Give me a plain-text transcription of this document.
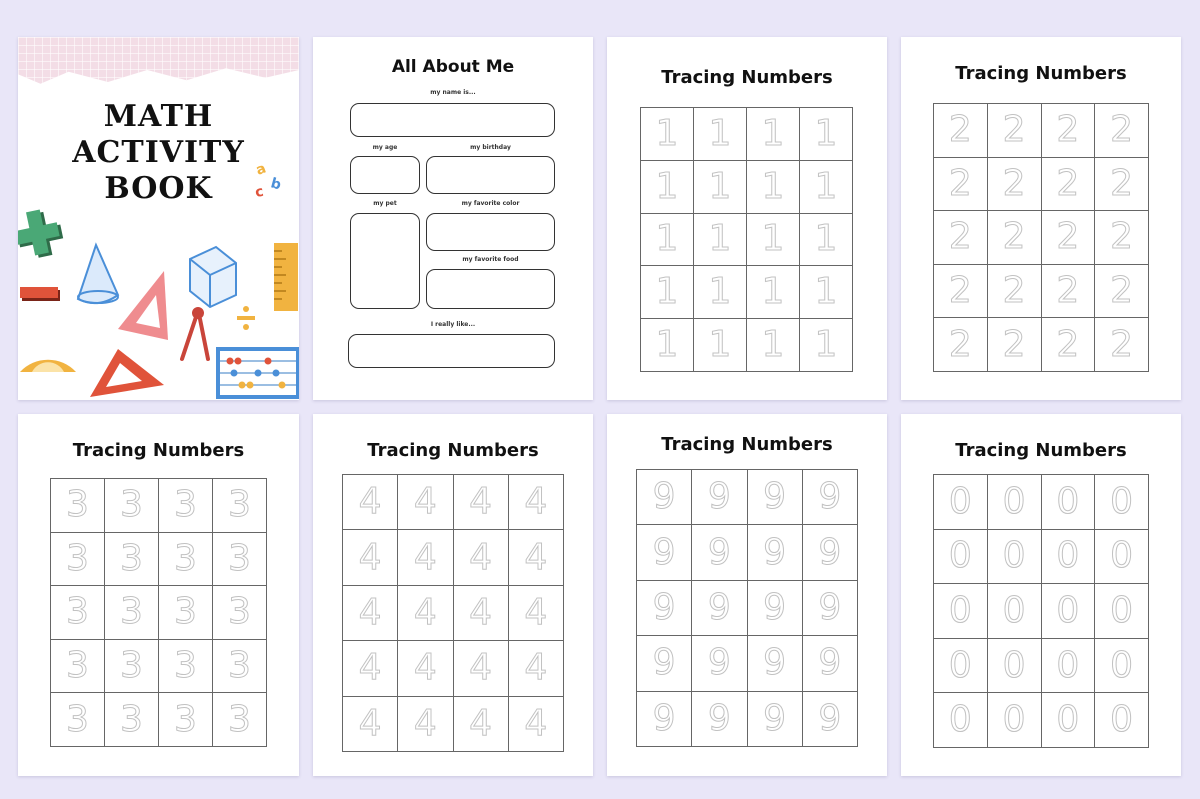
MATH
ACTIVITY
BOOK
a
b
c
All About Me
my name is...
my age	my birthday
my pet	my favorite color
my favorite food
I really like...
Tracing Numbers
1 1 1 1
1 1 1 1
1 1 1 1
1 1 1 1
1 1 1 1
Tracing Numbers
2 2 2 2
2 2 2 2
2 2 2 2
2 2 2 2
2 2 2 2
Tracing Numbers
3 3 3 3
3 3 3 3
3 3 3 3
3 3 3 3
3 3 3 3
Tracing Numbers
4 4 4 4
4 4 4 4
4 4 4 4
4 4 4 4
4 4 4 4
Tracing Numbers
9 9 9 9
9 9 9 9
9 9 9 9
9 9 9 9
9 9 9 9
Tracing Numbers
0 0 0 0
0 0 0 0
0 0 0 0
0 0 0 0
0 0 0 0
